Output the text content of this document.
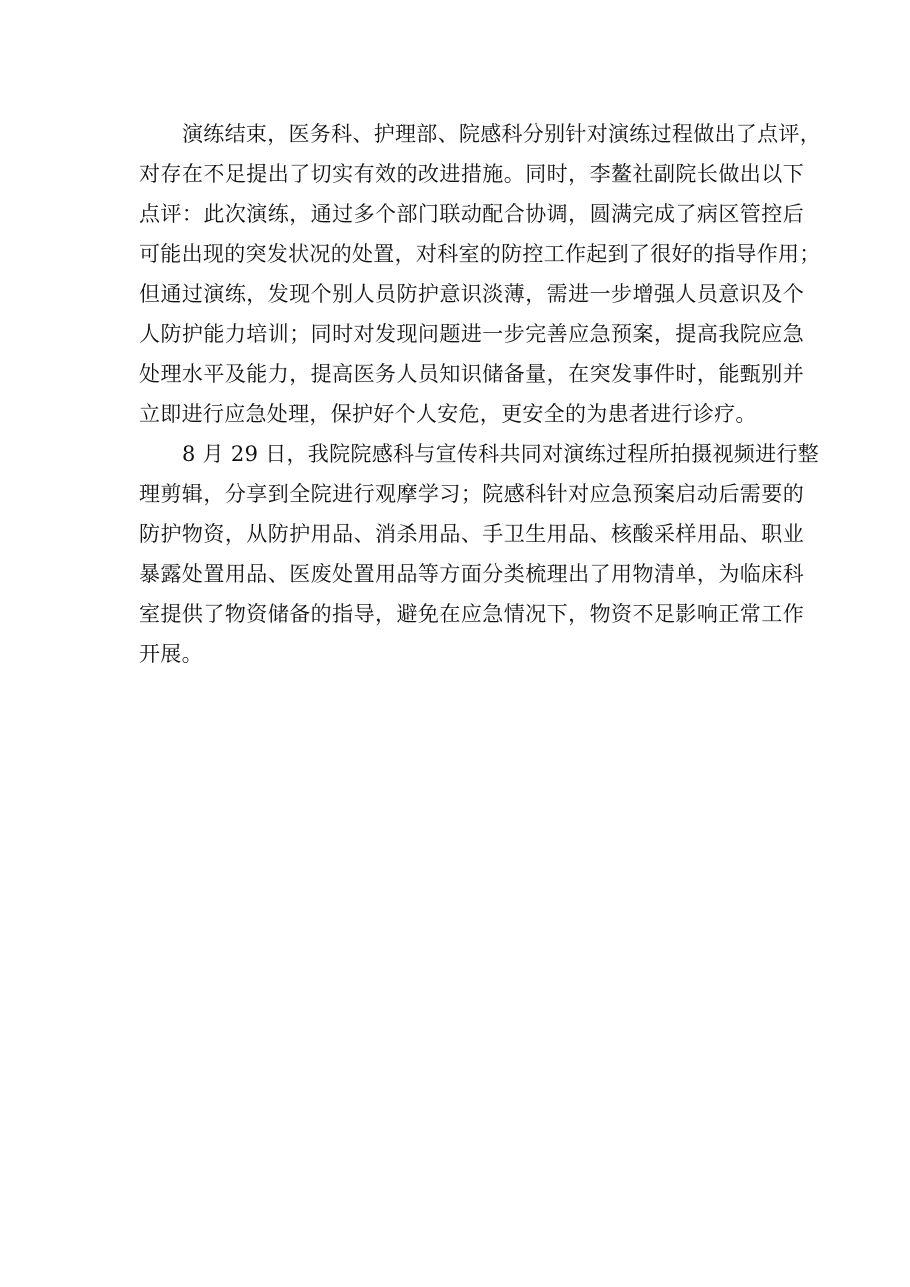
演练结束，医务科、护理部、院感科分别针对演练过程做出了点评，
对存在不足提出了切实有效的改进措施。同时，李鳌社副院长做出以下
点评：此次演练，通过多个部门联动配合协调，圆满完成了病区管控后
可能出现的突发状况的处置，对科室的防控工作起到了很好的指导作用；
但通过演练，发现个别人员防护意识淡薄，需进一步增强人员意识及个
人防护能力培训；同时对发现问题进一步完善应急预案，提高我院应急
处理水平及能力，提高医务人员知识储备量，在突发事件时，能甄别并
立即进行应急处理，保护好个人安危，更安全的为患者进行诊疗。
8 月 29 日，我院院感科与宣传科共同对演练过程所拍摄视频进行整
理剪辑，分享到全院进行观摩学习；院感科针对应急预案启动后需要的
防护物资，从防护用品、消杀用品、手卫生用品、核酸采样用品、职业
暴露处置用品、医废处置用品等方面分类梳理出了用物清单，为临床科
室提供了物资储备的指导，避免在应急情况下，物资不足影响正常工作
开展。
